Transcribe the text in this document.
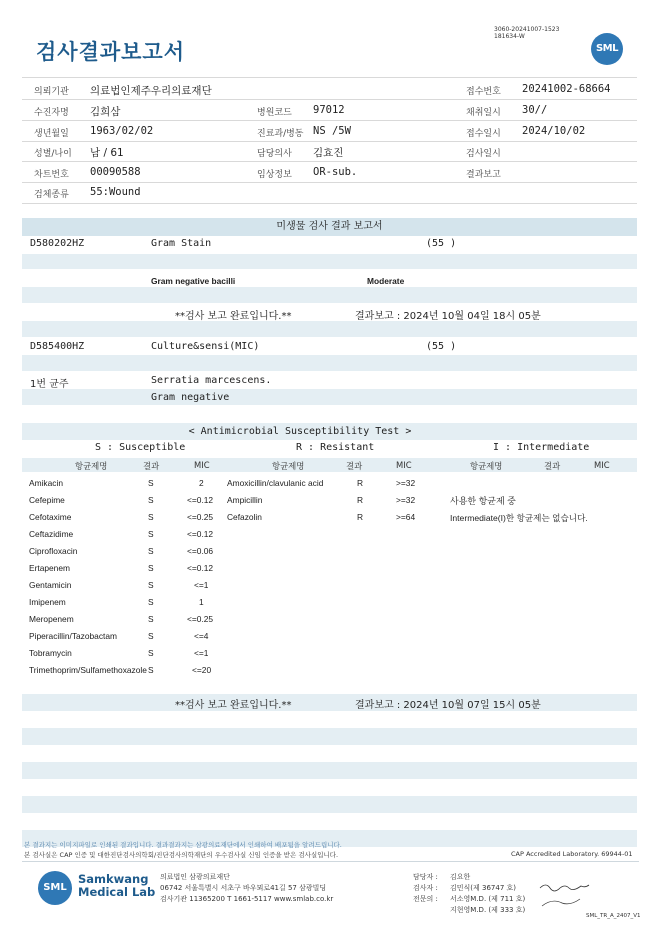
검사결과보고서
3060-20241007-1523
181634-W
SML
의뢰기관 의료법인제주우리의료재단	접수번호 20241002-68664
수진자명 김희삼	병원코드 97012	채취일시 30//
생년월일 1963/02/02	진료과/병동 NS /5W	접수일시 2024/10/02
성별/나이 남 / 61	담당의사 김효진	검사일시
차트번호 00090588	임상정보 OR-sub.	결과보고
검체종류 55:Wound
미생물 검사 결과 보고서
D580202HZ	Gram Stain	(55 )
Gram negative bacilli	Moderate
**검사 보고 완료입니다.**	결과보고 : 2024년 10월 04일 18시 05분
D585400HZ	Culture&sensi(MIC)	(55 )
1번 균주	Serratia marcescens.
Gram negative
< Antimicrobial Susceptibility Test >
S : Susceptible	R : Resistant	I : Intermediate
항균제명	결과	MIC	항균제명	결과	MIC	항균제명	결과	MIC
Amikacin	S	2
Cefepime	S	<=0.12
Cefotaxime	S	<=0.25
Ceftazidime	S	<=0.12
Ciprofloxacin	S	<=0.06
Ertapenem	S	<=0.12
Gentamicin	S	<=1
Imipenem	S	1
Meropenem	S	<=0.25
Piperacillin/Tazobactam	S	<=4
Tobramycin	S	<=1
Trimethoprim/Sulfamethoxazole S	<=20
Amoxicillin/clavulanic acid	R	>=32
Ampicillin	R	>=32
Cefazolin	R	>=64
사용한 항균제 중
Intermediate(I)한 항균제는 없습니다.
**검사 보고 완료입니다.**	결과보고 : 2024년 10월 07일 15시 05분
본 결과지는 이미지파일로 인쇄된 결과입니다. 결과결과지는 삼광의료재단에서 인쇄하여 배포됨을 알려드립니다.
본 검사실은 CAP 인증 및 대한진단검사의학회/진단검사의학재단의 우수검사실 신임 인증을 받은 검사실입니다.	CAP Accredited Laboratory. 69944-01
SML
Samkwang
Medical Lab
의료법인 삼광의료재단
06742 서울특별시 서초구 바우뫼로41길 57 삼광빌딩
검사기관 11365200 T 1661-5117 www.smlab.co.kr
담당자 : 김요한
검사자 : 김민식(제 36747 호)
전문의 : 서소영M.D. (제 711 호)
지현영M.D. (제 333 호)
SML_TR_A_2407_V1
